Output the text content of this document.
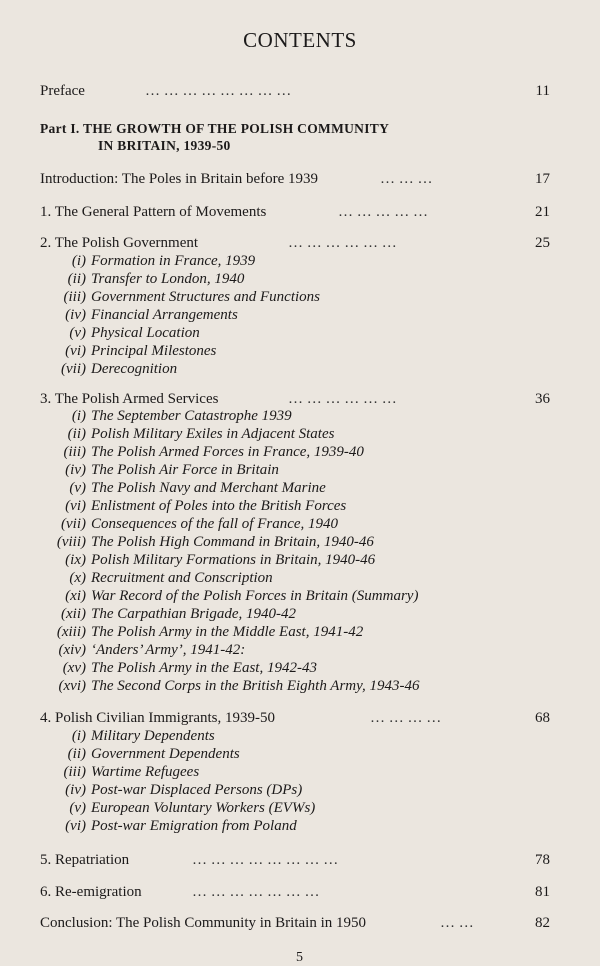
CONTENTS
Preface	… … … … … … … …	11
Part I. THE GROWTH OF THE POLISH COMMUNITY
IN BRITAIN, 1939-50
Introduction: The Poles in Britain before 1939	… … …	17
1. The General Pattern of Movements	… … … … …	21
2. The Polish Government	… … … … … …	25
(i) Formation in France, 1939
(ii) Transfer to London, 1940
(iii) Government Structures and Functions
(iv) Financial Arrangements
(v) Physical Location
(vi) Principal Milestones
(vii) Derecognition
3. The Polish Armed Services	… … … … … …	36
(i) The September Catastrophe 1939
(ii) Polish Military Exiles in Adjacent States
(iii) The Polish Armed Forces in France, 1939-40
(iv) The Polish Air Force in Britain
(v) The Polish Navy and Merchant Marine
(vi) Enlistment of Poles into the British Forces
(vii) Consequences of the fall of France, 1940
(viii) The Polish High Command in Britain, 1940-46
(ix) Polish Military Formations in Britain, 1940-46
(x) Recruitment and Conscription
(xi) War Record of the Polish Forces in Britain (Summary)
(xii) The Carpathian Brigade, 1940-42
(xiii) The Polish Army in the Middle East, 1941-42
(xiv) ‘Anders’ Army’, 1941-42:
(xv) The Polish Army in the East, 1942-43
(xvi) The Second Corps in the British Eighth Army, 1943-46
4. Polish Civilian Immigrants, 1939-50	… … … …	68
(i) Military Dependents
(ii) Government Dependents
(iii) Wartime Refugees
(iv) Post-war Displaced Persons (DPs)
(v) European Voluntary Workers (EVWs)
(vi) Post-war Emigration from Poland
5. Repatriation	… … … … … … … …	78
6. Re-emigration	… … … … … … …	81
Conclusion: The Polish Community in Britain in 1950	… …	82
5
